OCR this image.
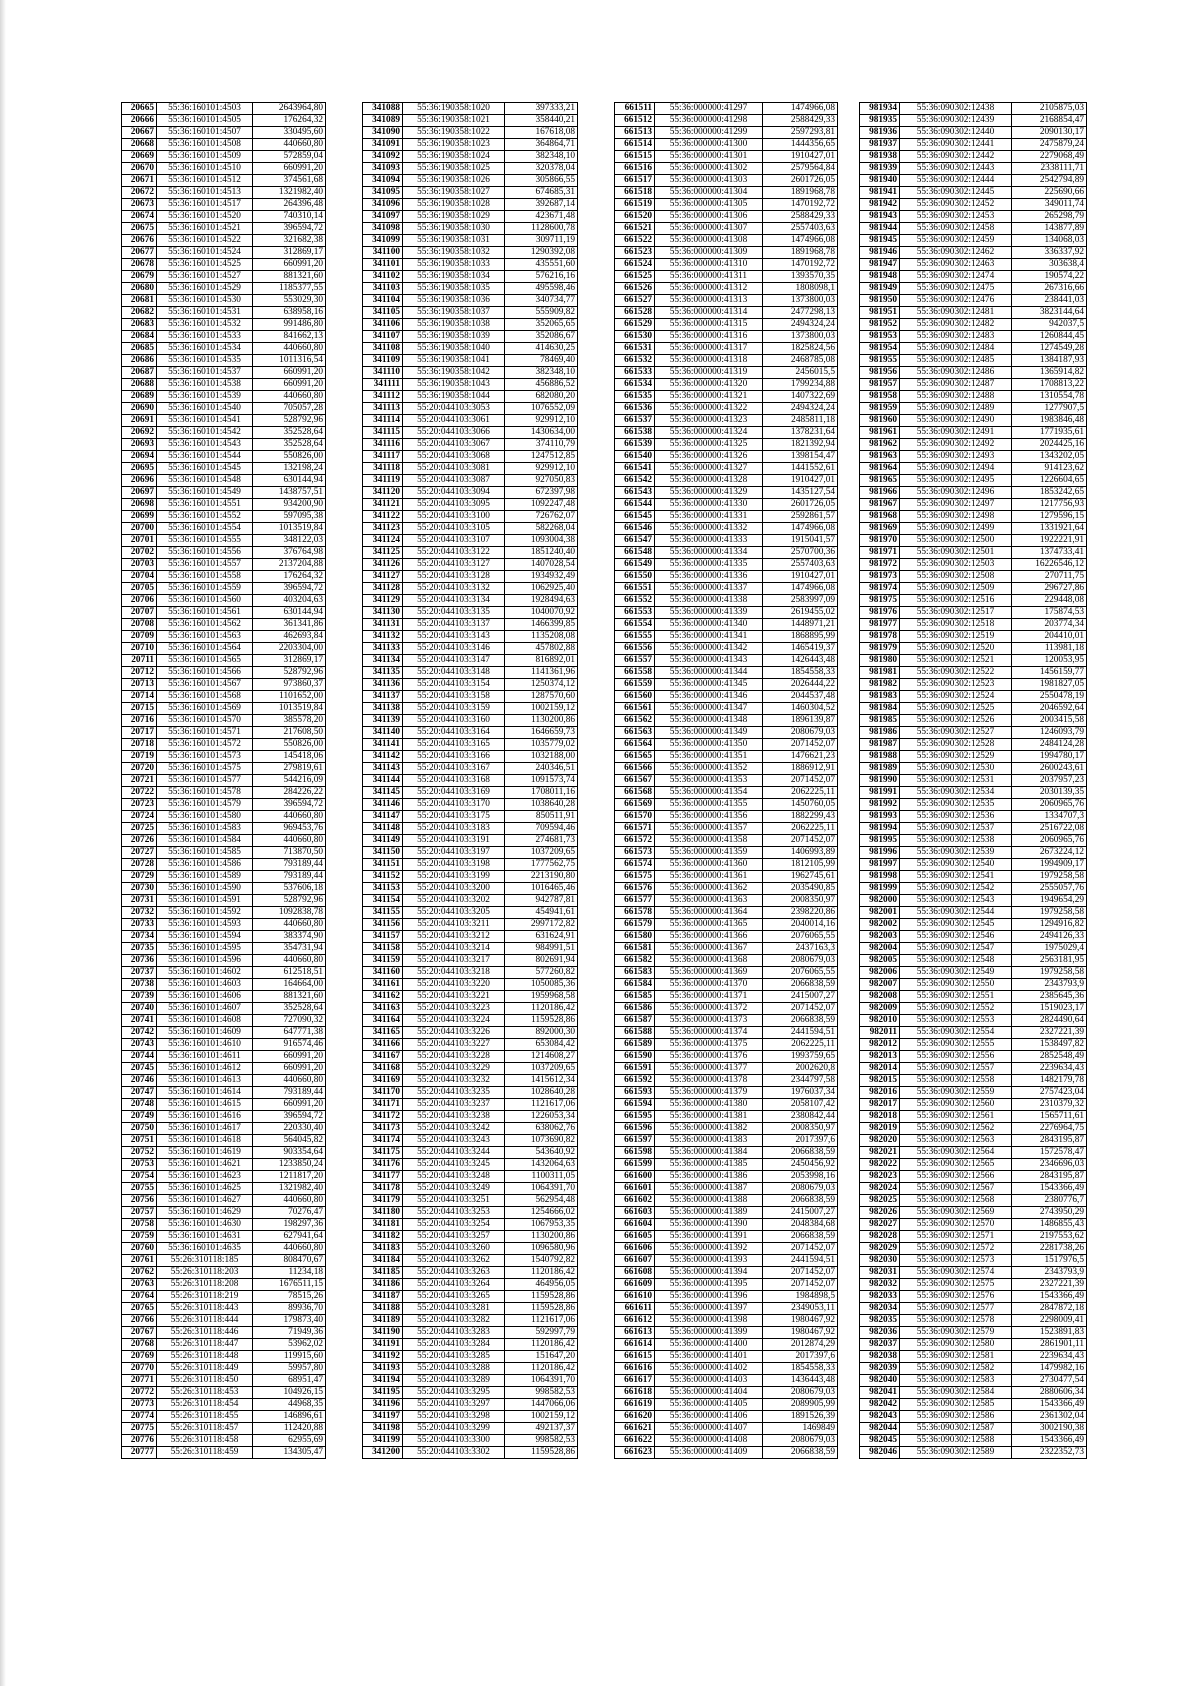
20665	55:36:160101:4503	2643964,80
20666	55:36:160101:4505	176264,32
20667	55:36:160101:4507	330495,60
20668	55:36:160101:4508	440660,80
20669	55:36:160101:4509	572859,04
20670	55:36:160101:4510	660991,20
20671	55:36:160101:4512	374561,68
20672	55:36:160101:4513	1321982,40
20673	55:36:160101:4517	264396,48
20674	55:36:160101:4520	740310,14
20675	55:36:160101:4521	396594,72
20676	55:36:160101:4522	321682,38
20677	55:36:160101:4524	312869,17
20678	55:36:160101:4525	660991,20
20679	55:36:160101:4527	881321,60
20680	55:36:160101:4529	1185377,55
20681	55:36:160101:4530	553029,30
20682	55:36:160101:4531	638958,16
20683	55:36:160101:4532	991486,80
20684	55:36:160101:4533	841662,13
20685	55:36:160101:4534	440660,80
20686	55:36:160101:4535	1011316,54
20687	55:36:160101:4537	660991,20
20688	55:36:160101:4538	660991,20
20689	55:36:160101:4539	440660,80
20690	55:36:160101:4540	705057,28
20691	55:36:160101:4541	528792,96
20692	55:36:160101:4542	352528,64
20693	55:36:160101:4543	352528,64
20694	55:36:160101:4544	550826,00
20695	55:36:160101:4545	132198,24
20696	55:36:160101:4548	630144,94
20697	55:36:160101:4549	1438757,51
20698	55:36:160101:4551	934200,90
20699	55:36:160101:4552	597095,38
20700	55:36:160101:4554	1013519,84
20701	55:36:160101:4555	348122,03
20702	55:36:160101:4556	376764,98
20703	55:36:160101:4557	2137204,88
20704	55:36:160101:4558	176264,32
20705	55:36:160101:4559	396594,72
20706	55:36:160101:4560	403204,63
20707	55:36:160101:4561	630144,94
20708	55:36:160101:4562	361341,86
20709	55:36:160101:4563	462693,84
20710	55:36:160101:4564	2203304,00
20711	55:36:160101:4565	312869,17
20712	55:36:160101:4566	528792,96
20713	55:36:160101:4567	973860,37
20714	55:36:160101:4568	1101652,00
20715	55:36:160101:4569	1013519,84
20716	55:36:160101:4570	385578,20
20717	55:36:160101:4571	217608,50
20718	55:36:160101:4572	550826,00
20719	55:36:160101:4573	145418,06
20720	55:36:160101:4575	279819,61
20721	55:36:160101:4577	544216,09
20722	55:36:160101:4578	284226,22
20723	55:36:160101:4579	396594,72
20724	55:36:160101:4580	440660,80
20725	55:36:160101:4583	969453,76
20726	55:36:160101:4584	440660,80
20727	55:36:160101:4585	713870,50
20728	55:36:160101:4586	793189,44
20729	55:36:160101:4589	793189,44
20730	55:36:160101:4590	537606,18
20731	55:36:160101:4591	528792,96
20732	55:36:160101:4592	1092838,78
20733	55:36:160101:4593	440660,80
20734	55:36:160101:4594	383374,90
20735	55:36:160101:4595	354731,94
20736	55:36:160101:4596	440660,80
20737	55:36:160101:4602	612518,51
20738	55:36:160101:4603	164664,00
20739	55:36:160101:4606	881321,60
20740	55:36:160101:4607	352528,64
20741	55:36:160101:4608	727090,32
20742	55:36:160101:4609	647771,38
20743	55:36:160101:4610	916574,46
20744	55:36:160101:4611	660991,20
20745	55:36:160101:4612	660991,20
20746	55:36:160101:4613	440660,80
20747	55:36:160101:4614	793189,44
20748	55:36:160101:4615	660991,20
20749	55:36:160101:4616	396594,72
20750	55:36:160101:4617	220330,40
20751	55:36:160101:4618	564045,82
20752	55:36:160101:4619	903354,64
20753	55:36:160101:4621	1233850,24
20754	55:36:160101:4623	1211817,20
20755	55:36:160101:4625	1321982,40
20756	55:36:160101:4627	440660,80
20757	55:36:160101:4629	70276,47
20758	55:36:160101:4630	198297,36
20759	55:36:160101:4631	627941,64
20760	55:36:160101:4635	440660,80
20761	55:26:310118:185	808470,67
20762	55:26:310118:203	11234,18
20763	55:26:310118:208	1676511,15
20764	55:26:310118:219	78515,26
20765	55:26:310118:443	89936,70
20766	55:26:310118:444	179873,40
20767	55:26:310118:446	71949,36
20768	55:26:310118:447	53962,02
20769	55:26:310118:448	119915,60
20770	55:26:310118:449	59957,80
20771	55:26:310118:450	68951,47
20772	55:26:310118:453	104926,15
20773	55:26:310118:454	44968,35
20774	55:26:310118:455	146896,61
20775	55:26:310118:457	112420,88
20776	55:26:310118:458	62955,69
20777	55:26:310118:459	134305,47
341088	55:36:190358:1020	397333,21
341089	55:36:190358:1021	358440,21
341090	55:36:190358:1022	167618,08
341091	55:36:190358:1023	364864,71
341092	55:36:190358:1024	382348,10
341093	55:36:190358:1025	320378,04
341094	55:36:190358:1026	305866,55
341095	55:36:190358:1027	674685,31
341096	55:36:190358:1028	392687,14
341097	55:36:190358:1029	423671,48
341098	55:36:190358:1030	1128600,78
341099	55:36:190358:1031	309711,19
341100	55:36:190358:1032	1290392,08
341101	55:36:190358:1033	435551,60
341102	55:36:190358:1034	576216,16
341103	55:36:190358:1035	495598,46
341104	55:36:190358:1036	340734,77
341105	55:36:190358:1037	555909,82
341106	55:36:190358:1038	352065,65
341107	55:36:190358:1039	352086,67
341108	55:36:190358:1040	414630,25
341109	55:36:190358:1041	78469,40
341110	55:36:190358:1042	382348,10
341111	55:36:190358:1043	456886,52
341112	55:36:190358:1044	682080,20
341113	55:20:044103:3053	1076552,09
341114	55:20:044103:3061	929912,10
341115	55:20:044103:3066	1430634,00
341116	55:20:044103:3067	374110,79
341117	55:20:044103:3068	1247512,85
341118	55:20:044103:3081	929912,10
341119	55:20:044103:3087	927050,83
341120	55:20:044103:3094	672397,98
341121	55:20:044103:3095	1092247,48
341122	55:20:044103:3100	726762,07
341123	55:20:044103:3105	582268,04
341124	55:20:044103:3107	1093004,38
341125	55:20:044103:3122	1851240,40
341126	55:20:044103:3127	1407028,54
341127	55:20:044103:3128	1934932,49
341128	55:20:044103:3132	1062925,40
341129	55:20:044103:3134	1928494,63
341130	55:20:044103:3135	1040070,92
341131	55:20:044103:3137	1466399,85
341132	55:20:044103:3143	1135208,08
341133	55:20:044103:3146	457802,88
341134	55:20:044103:3147	816892,01
341135	55:20:044103:3148	1141361,96
341136	55:20:044103:3154	1250374,12
341137	55:20:044103:3158	1287570,60
341138	55:20:044103:3159	1002159,12
341139	55:20:044103:3160	1130200,86
341140	55:20:044103:3164	1646659,73
341141	55:20:044103:3165	1035779,02
341142	55:20:044103:3166	1032188,00
341143	55:20:044103:3167	240346,51
341144	55:20:044103:3168	1091573,74
341145	55:20:044103:3169	1708011,16
341146	55:20:044103:3170	1038640,28
341147	55:20:044103:3175	850511,91
341148	55:20:044103:3183	709594,46
341149	55:20:044103:3191	274681,73
341150	55:20:044103:3197	1037209,65
341151	55:20:044103:3198	1777562,75
341152	55:20:044103:3199	2213190,80
341153	55:20:044103:3200	1016465,46
341154	55:20:044103:3202	942787,81
341155	55:20:044103:3205	454941,61
341156	55:20:044103:3211	2997172,82
341157	55:20:044103:3212	631624,91
341158	55:20:044103:3214	984991,51
341159	55:20:044103:3217	802691,94
341160	55:20:044103:3218	577260,82
341161	55:20:044103:3220	1050085,36
341162	55:20:044103:3221	1959968,58
341163	55:20:044103:3223	1120186,42
341164	55:20:044103:3224	1159528,86
341165	55:20:044103:3226	892000,30
341166	55:20:044103:3227	653084,42
341167	55:20:044103:3228	1214608,27
341168	55:20:044103:3229	1037209,65
341169	55:20:044103:3232	1415612,34
341170	55:20:044103:3235	1028640,28
341171	55:20:044103:3237	1121617,06
341172	55:20:044103:3238	1226053,34
341173	55:20:044103:3242	638062,76
341174	55:20:044103:3243	1073690,82
341175	55:20:044103:3244	543640,92
341176	55:20:044103:3245	1432064,63
341177	55:20:044103:3248	1100311,05
341178	55:20:044103:3249	1064391,70
341179	55:20:044103:3251	562954,48
341180	55:20:044103:3253	1254666,02
341181	55:20:044103:3254	1067953,35
341182	55:20:044103:3257	1130200,86
341183	55:20:044103:3260	1096580,96
341184	55:20:044103:3262	1540792,82
341185	55:20:044103:3263	1120186,42
341186	55:20:044103:3264	464956,05
341187	55:20:044103:3265	1159528,86
341188	55:20:044103:3281	1159528,86
341189	55:20:044103:3282	1121617,06
341190	55:20:044103:3283	592997,79
341191	55:20:044103:3284	1120186,42
341192	55:20:044103:3285	151647,20
341193	55:20:044103:3288	1120186,42
341194	55:20:044103:3289	1064391,70
341195	55:20:044103:3295	998582,53
341196	55:20:044103:3297	1447066,06
341197	55:20:044103:3298	1002159,12
341198	55:20:044103:3299	492137,37
341199	55:20:044103:3300	998582,53
341200	55:20:044103:3302	1159528,86
661511	55:36:000000:41297	1474966,08
661512	55:36:000000:41298	2588429,33
661513	55:36:000000:41299	2597293,81
661514	55:36:000000:41300	1444356,65
661515	55:36:000000:41301	1910427,01
661516	55:36:000000:41302	2579564,84
661517	55:36:000000:41303	2601726,05
661518	55:36:000000:41304	1891968,78
661519	55:36:000000:41305	1470192,72
661520	55:36:000000:41306	2588429,33
661521	55:36:000000:41307	2557403,63
661522	55:36:000000:41308	1474966,08
661523	55:36:000000:41309	1891968,78
661524	55:36:000000:41310	1470192,72
661525	55:36:000000:41311	1393570,35
661526	55:36:000000:41312	1808098,1
661527	55:36:000000:41313	1373800,03
661528	55:36:000000:41314	2477298,13
661529	55:36:000000:41315	2494324,24
661530	55:36:000000:41316	1373800,03
661531	55:36:000000:41317	1825824,56
661532	55:36:000000:41318	2468785,08
661533	55:36:000000:41319	2456015,5
661534	55:36:000000:41320	1799234,88
661535	55:36:000000:41321	1407322,69
661536	55:36:000000:41322	2494324,24
661537	55:36:000000:41323	2485811,18
661538	55:36:000000:41324	1378231,64
661539	55:36:000000:41325	1821392,94
661540	55:36:000000:41326	1398154,47
661541	55:36:000000:41327	1441552,61
661542	55:36:000000:41328	1910427,01
661543	55:36:000000:41329	1435127,54
661544	55:36:000000:41330	2601726,05
661545	55:36:000000:41331	2592861,57
661546	55:36:000000:41332	1474966,08
661547	55:36:000000:41333	1915041,57
661548	55:36:000000:41334	2570700,36
661549	55:36:000000:41335	2557403,63
661550	55:36:000000:41336	1910427,01
661551	55:36:000000:41337	1474966,08
661552	55:36:000000:41338	2583997,09
661553	55:36:000000:41339	2619455,02
661554	55:36:000000:41340	1448971,21
661555	55:36:000000:41341	1868895,99
661556	55:36:000000:41342	1465419,37
661557	55:36:000000:41343	1426443,48
661558	55:36:000000:41344	1854558,33
661559	55:36:000000:41345	2026444,22
661560	55:36:000000:41346	2044537,48
661561	55:36:000000:41347	1460304,52
661562	55:36:000000:41348	1896139,87
661563	55:36:000000:41349	2080679,03
661564	55:36:000000:41350	2071452,07
661565	55:36:000000:41351	1476621,23
661566	55:36:000000:41352	1886912,91
661567	55:36:000000:41353	2071452,07
661568	55:36:000000:41354	2062225,11
661569	55:36:000000:41355	1450760,05
661570	55:36:000000:41356	1882299,43
661571	55:36:000000:41357	2062225,11
661572	55:36:000000:41358	2071452,07
661573	55:36:000000:41359	1406993,89
661574	55:36:000000:41360	1812105,99
661575	55:36:000000:41361	1962745,61
661576	55:36:000000:41362	2035490,85
661577	55:36:000000:41363	2008350,97
661578	55:36:000000:41364	2398220,86
661579	55:36:000000:41365	2040014,16
661580	55:36:000000:41366	2076065,55
661581	55:36:000000:41367	2437163,3
661582	55:36:000000:41368	2080679,03
661583	55:36:000000:41369	2076065,55
661584	55:36:000000:41370	2066838,59
661585	55:36:000000:41371	2415007,27
661586	55:36:000000:41372	2071452,07
661587	55:36:000000:41373	2066838,59
661588	55:36:000000:41374	2441594,51
661589	55:36:000000:41375	2062225,11
661590	55:36:000000:41376	1993759,65
661591	55:36:000000:41377	2002620,8
661592	55:36:000000:41378	2344797,58
661593	55:36:000000:41379	1976037,34
661594	55:36:000000:41380	2058107,42
661595	55:36:000000:41381	2380842,44
661596	55:36:000000:41382	2008350,97
661597	55:36:000000:41383	2017397,6
661598	55:36:000000:41384	2066838,59
661599	55:36:000000:41385	2450456,92
661600	55:36:000000:41386	2053998,16
661601	55:36:000000:41387	2080679,03
661602	55:36:000000:41388	2066838,59
661603	55:36:000000:41389	2415007,27
661604	55:36:000000:41390	2048384,68
661605	55:36:000000:41391	2066838,59
661606	55:36:000000:41392	2071452,07
661607	55:36:000000:41393	2441594,51
661608	55:36:000000:41394	2071452,07
661609	55:36:000000:41395	2071452,07
661610	55:36:000000:41396	1984898,5
661611	55:36:000000:41397	2349053,11
661612	55:36:000000:41398	1980467,92
661613	55:36:000000:41399	1980467,92
661614	55:36:000000:41400	2012874,29
661615	55:36:000000:41401	2017397,6
661616	55:36:000000:41402	1854558,33
661617	55:36:000000:41403	1436443,48
661618	55:36:000000:41404	2080679,03
661619	55:36:000000:41405	2089905,99
661620	55:36:000000:41406	1891526,39
661621	55:36:000000:41407	1469849
661622	55:36:000000:41408	2080679,03
661623	55:36:000000:41409	2066838,59
981934	55:36:090302:12438	2105875,03
981935	55:36:090302:12439	2168854,47
981936	55:36:090302:12440	2090130,17
981937	55:36:090302:12441	2475879,24
981938	55:36:090302:12442	2279068,49
981939	55:36:090302:12443	2338111,71
981940	55:36:090302:12444	2542794,89
981941	55:36:090302:12445	225690,66
981942	55:36:090302:12452	349011,74
981943	55:36:090302:12453	265298,79
981944	55:36:090302:12458	143877,89
981945	55:36:090302:12459	134068,03
981946	55:36:090302:12462	336337,92
981947	55:36:090302:12463	303638,4
981948	55:36:090302:12474	190574,22
981949	55:36:090302:12475	267316,66
981950	55:36:090302:12476	238441,03
981951	55:36:090302:12481	3823144,64
981952	55:36:090302:12482	942037,5
981953	55:36:090302:12483	1260844,45
981954	55:36:090302:12484	1274549,28
981955	55:36:090302:12485	1384187,93
981956	55:36:090302:12486	1365914,82
981957	55:36:090302:12487	1708813,22
981958	55:36:090302:12488	1310554,78
981959	55:36:090302:12489	1277907,5
981960	55:36:090302:12490	1983846,48
981961	55:36:090302:12491	1771935,61
981962	55:36:090302:12492	2024425,16
981963	55:36:090302:12493	1343202,05
981964	55:36:090302:12494	914123,62
981965	55:36:090302:12495	1226604,65
981966	55:36:090302:12496	1853242,65
981967	55:36:090302:12497	1217756,93
981968	55:36:090302:12498	1279596,15
981969	55:36:090302:12499	1331921,64
981970	55:36:090302:12500	1922221,91
981971	55:36:090302:12501	1374733,41
981972	55:36:090302:12503	16226546,12
981973	55:36:090302:12508	270711,75
981974	55:36:090302:12509	296727,86
981975	55:36:090302:12516	229448,08
981976	55:36:090302:12517	175874,53
981977	55:36:090302:12518	203774,34
981978	55:36:090302:12519	204410,01
981979	55:36:090302:12520	113981,18
981980	55:36:090302:12521	120053,95
981981	55:36:090302:12522	1456159,77
981982	55:36:090302:12523	1981827,05
981983	55:36:090302:12524	2550478,19
981984	55:36:090302:12525	2046592,64
981985	55:36:090302:12526	2003415,58
981986	55:36:090302:12527	1246093,79
981987	55:36:090302:12528	2484124,28
981988	55:36:090302:12529	1994780,17
981989	55:36:090302:12530	2600243,61
981990	55:36:090302:12531	2037957,23
981991	55:36:090302:12534	2030139,35
981992	55:36:090302:12535	2060965,76
981993	55:36:090302:12536	1334707,3
981994	55:36:090302:12537	2516722,08
981995	55:36:090302:12538	2060965,76
981996	55:36:090302:12539	2673224,12
981997	55:36:090302:12540	1994909,17
981998	55:36:090302:12541	1979258,58
981999	55:36:090302:12542	2555057,76
982000	55:36:090302:12543	1949654,29
982001	55:36:090302:12544	1979258,58
982002	55:36:090302:12545	1294916,82
982003	55:36:090302:12546	2494126,33
982004	55:36:090302:12547	1975029,4
982005	55:36:090302:12548	2563181,95
982006	55:36:090302:12549	1979258,58
982007	55:36:090302:12550	2343793,9
982008	55:36:090302:12551	2385645,36
982009	55:36:090302:12552	1519023,17
982010	55:36:090302:12553	2824490,64
982011	55:36:090302:12554	2327221,39
982012	55:36:090302:12555	1538497,82
982013	55:36:090302:12556	2852548,49
982014	55:36:090302:12557	2239634,43
982015	55:36:090302:12558	1482179,78
982016	55:36:090302:12559	2757423,04
982017	55:36:090302:12560	2310379,32
982018	55:36:090302:12561	1565711,61
982019	55:36:090302:12562	2276964,75
982020	55:36:090302:12563	2843195,87
982021	55:36:090302:12564	1572578,47
982022	55:36:090302:12565	2346696,03
982023	55:36:090302:12566	2843195,87
982024	55:36:090302:12567	1543366,49
982025	55:36:090302:12568	2380776,7
982026	55:36:090302:12569	2743950,29
982027	55:36:090302:12570	1486855,43
982028	55:36:090302:12571	2197553,62
982029	55:36:090302:12572	2281738,26
982030	55:36:090302:12573	1517976,5
982031	55:36:090302:12574	2343793,9
982032	55:36:090302:12575	2327221,39
982033	55:36:090302:12576	1543366,49
982034	55:36:090302:12577	2847872,18
982035	55:36:090302:12578	2298009,41
982036	55:36:090302:12579	1523891,83
982037	55:36:090302:12580	2861901,11
982038	55:36:090302:12581	2239634,43
982039	55:36:090302:12582	1479982,16
982040	55:36:090302:12583	2730477,54
982041	55:36:090302:12584	2880606,34
982042	55:36:090302:12585	1543366,49
982043	55:36:090302:12586	2361302,04
982044	55:36:090302:12587	3002190,38
982045	55:36:090302:12588	1543366,49
982046	55:36:090302:12589	2322352,73
